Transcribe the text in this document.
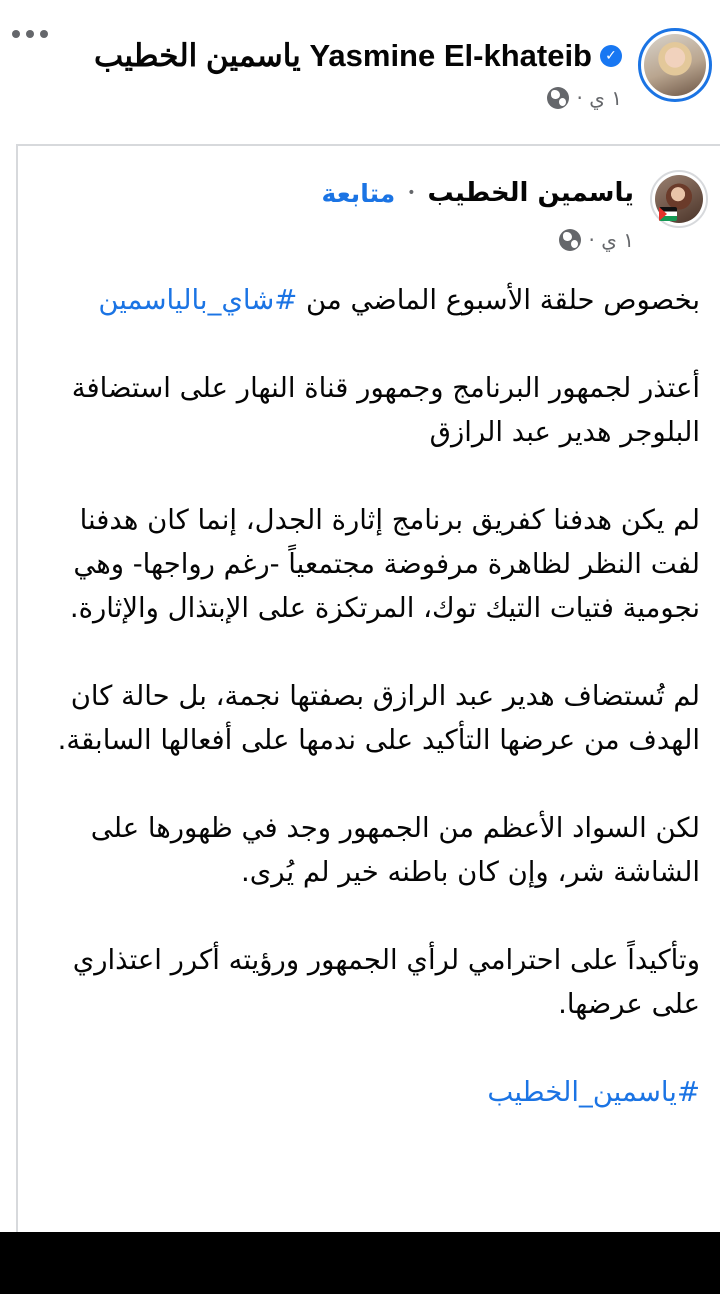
✓
Yasmine El-khateib ياسمين الخطيب
١ ي ·
ياسمين الخطيب
•
متابعة
١ ي ·

بخصوص حلقة الأسبوع الماضي من #شاي_بالياسمين

أعتذر لجمهور البرنامج وجمهور قناة النهار على استضافة البلوجر هدير عبد الرازق

لم يكن هدفنا كفريق برنامج إثارة الجدل، إنما كان هدفنا لفت النظر لظاهرة مرفوضة مجتمعياً -رغم رواجها- وهي نجومية فتيات التيك توك، المرتكزة على الإبتذال والإثارة.

لم تُستضاف هدير عبد الرازق بصفتها نجمة، بل حالة كان الهدف من عرضها التأكيد على ندمها على أفعالها السابقة.

لكن السواد الأعظم من الجمهور وجد في ظهورها على الشاشة شر، وإن كان باطنه خير لم يُرى.

وتأكيداً على احترامي لرأي الجمهور ورؤيته أكرر اعتذاري على عرضها.

#ياسمين_الخطيب
